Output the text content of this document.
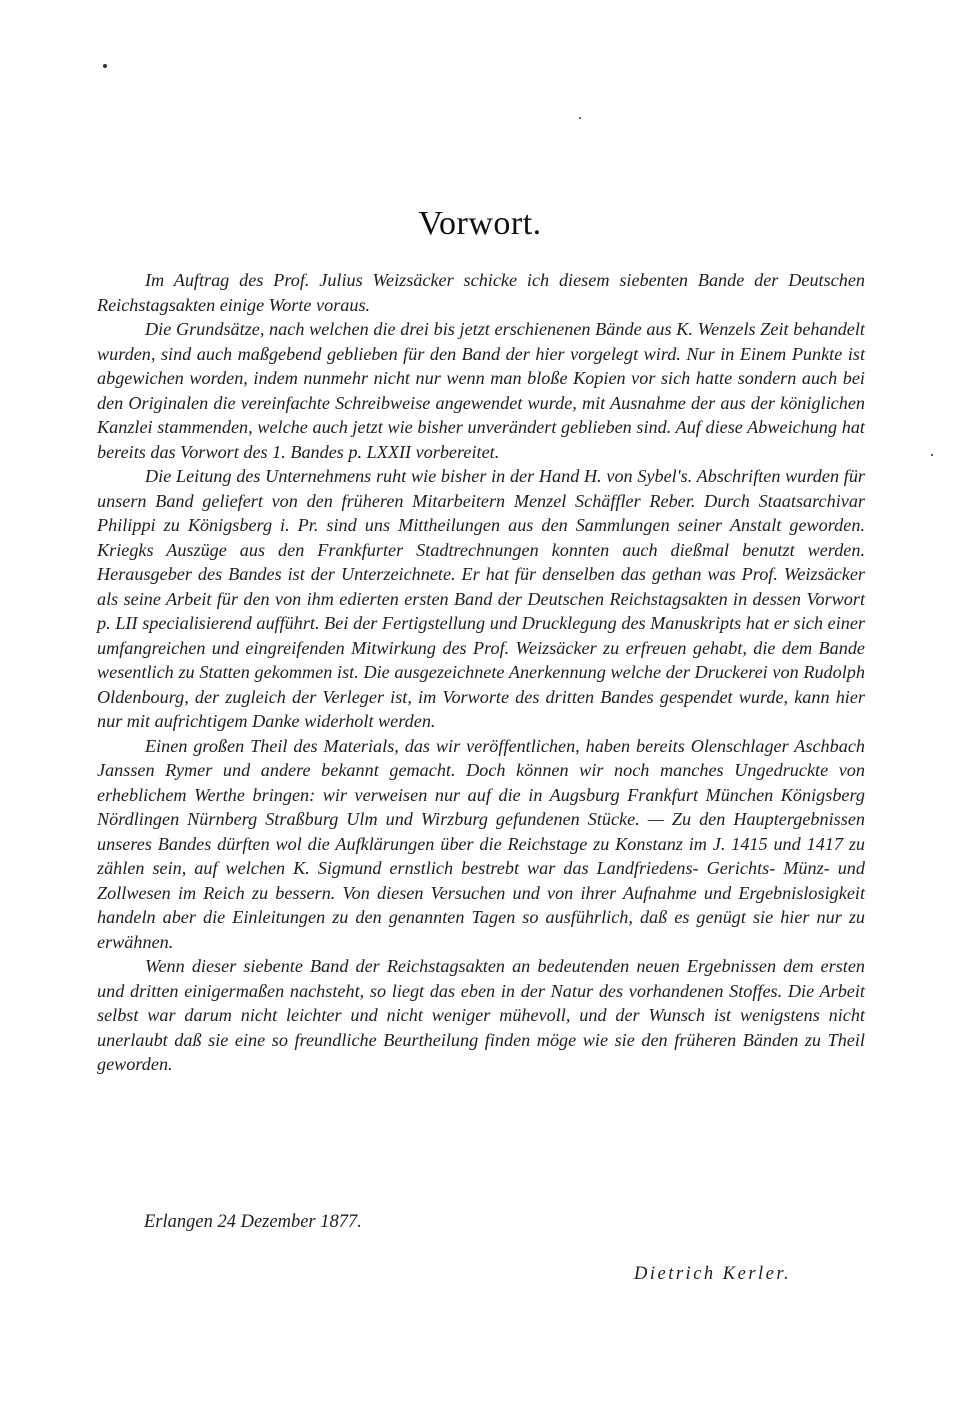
Vorwort.

Im Auftrag des Prof. Julius Weizsäcker schicke ich diesem siebenten Bande der Deutschen Reichstagsakten einige Worte voraus.

Die Grundsätze, nach welchen die drei bis jetzt erschienenen Bände aus K. Wenzels Zeit behandelt wurden, sind auch maßgebend geblieben für den Band der hier vorgelegt wird. Nur in Einem Punkte ist abgewichen worden, indem nunmehr nicht nur wenn man bloße Kopien vor sich hatte sondern auch bei den Originalen die vereinfachte Schreibweise angewendet wurde, mit Ausnahme der aus der königlichen Kanzlei stammenden, welche auch jetzt wie bisher unverändert geblieben sind. Auf diese Abweichung hat bereits das Vorwort des 1. Bandes p. LXXII vorbereitet.

Die Leitung des Unternehmens ruht wie bisher in der Hand H. von Sybel's. Abschriften wurden für unsern Band geliefert von den früheren Mitarbeitern Menzel Schäffler Reber. Durch Staatsarchivar Philippi zu Königsberg i. Pr. sind uns Mittheilungen aus den Sammlungen seiner Anstalt geworden. Kriegks Auszüge aus den Frankfurter Stadtrechnungen konnten auch dießmal benutzt werden. Herausgeber des Bandes ist der Unterzeichnete. Er hat für denselben das gethan was Prof. Weizsäcker als seine Arbeit für den von ihm edierten ersten Band der Deutschen Reichstagsakten in dessen Vorwort p. LII specialisierend aufführt. Bei der Fertigstellung und Drucklegung des Manuskripts hat er sich einer umfangreichen und eingreifenden Mitwirkung des Prof. Weizsäcker zu erfreuen gehabt, die dem Bande wesentlich zu Statten gekommen ist. Die ausgezeichnete Anerkennung welche der Druckerei von Rudolph Oldenbourg, der zugleich der Verleger ist, im Vorworte des dritten Bandes gespendet wurde, kann hier nur mit aufrichtigem Danke widerholt werden.

Einen großen Theil des Materials, das wir veröffentlichen, haben bereits Olenschlager Aschbach Janssen Rymer und andere bekannt gemacht. Doch können wir noch manches Ungedruckte von erheblichem Werthe bringen: wir verweisen nur auf die in Augsburg Frankfurt München Königsberg Nördlingen Nürnberg Straßburg Ulm und Wirzburg gefundenen Stücke. — Zu den Hauptergebnissen unseres Bandes dürften wol die Aufklärungen über die Reichstage zu Konstanz im J. 1415 und 1417 zu zählen sein, auf welchen K. Sigmund ernstlich bestrebt war das Landfriedens- Gerichts- Münz- und Zollwesen im Reich zu bessern. Von diesen Versuchen und von ihrer Aufnahme und Ergebnislosigkeit handeln aber die Einleitungen zu den genannten Tagen so ausführlich, daß es genügt sie hier nur zu erwähnen.

Wenn dieser siebente Band der Reichstagsakten an bedeutenden neuen Ergebnissen dem ersten und dritten einigermaßen nachsteht, so liegt das eben in der Natur des vorhandenen Stoffes. Die Arbeit selbst war darum nicht leichter und nicht weniger mühevoll, und der Wunsch ist wenigstens nicht unerlaubt daß sie eine so freundliche Beurtheilung finden möge wie sie den früheren Bänden zu Theil geworden.

Erlangen 24 Dezember 1877.
Dietrich Kerler.
